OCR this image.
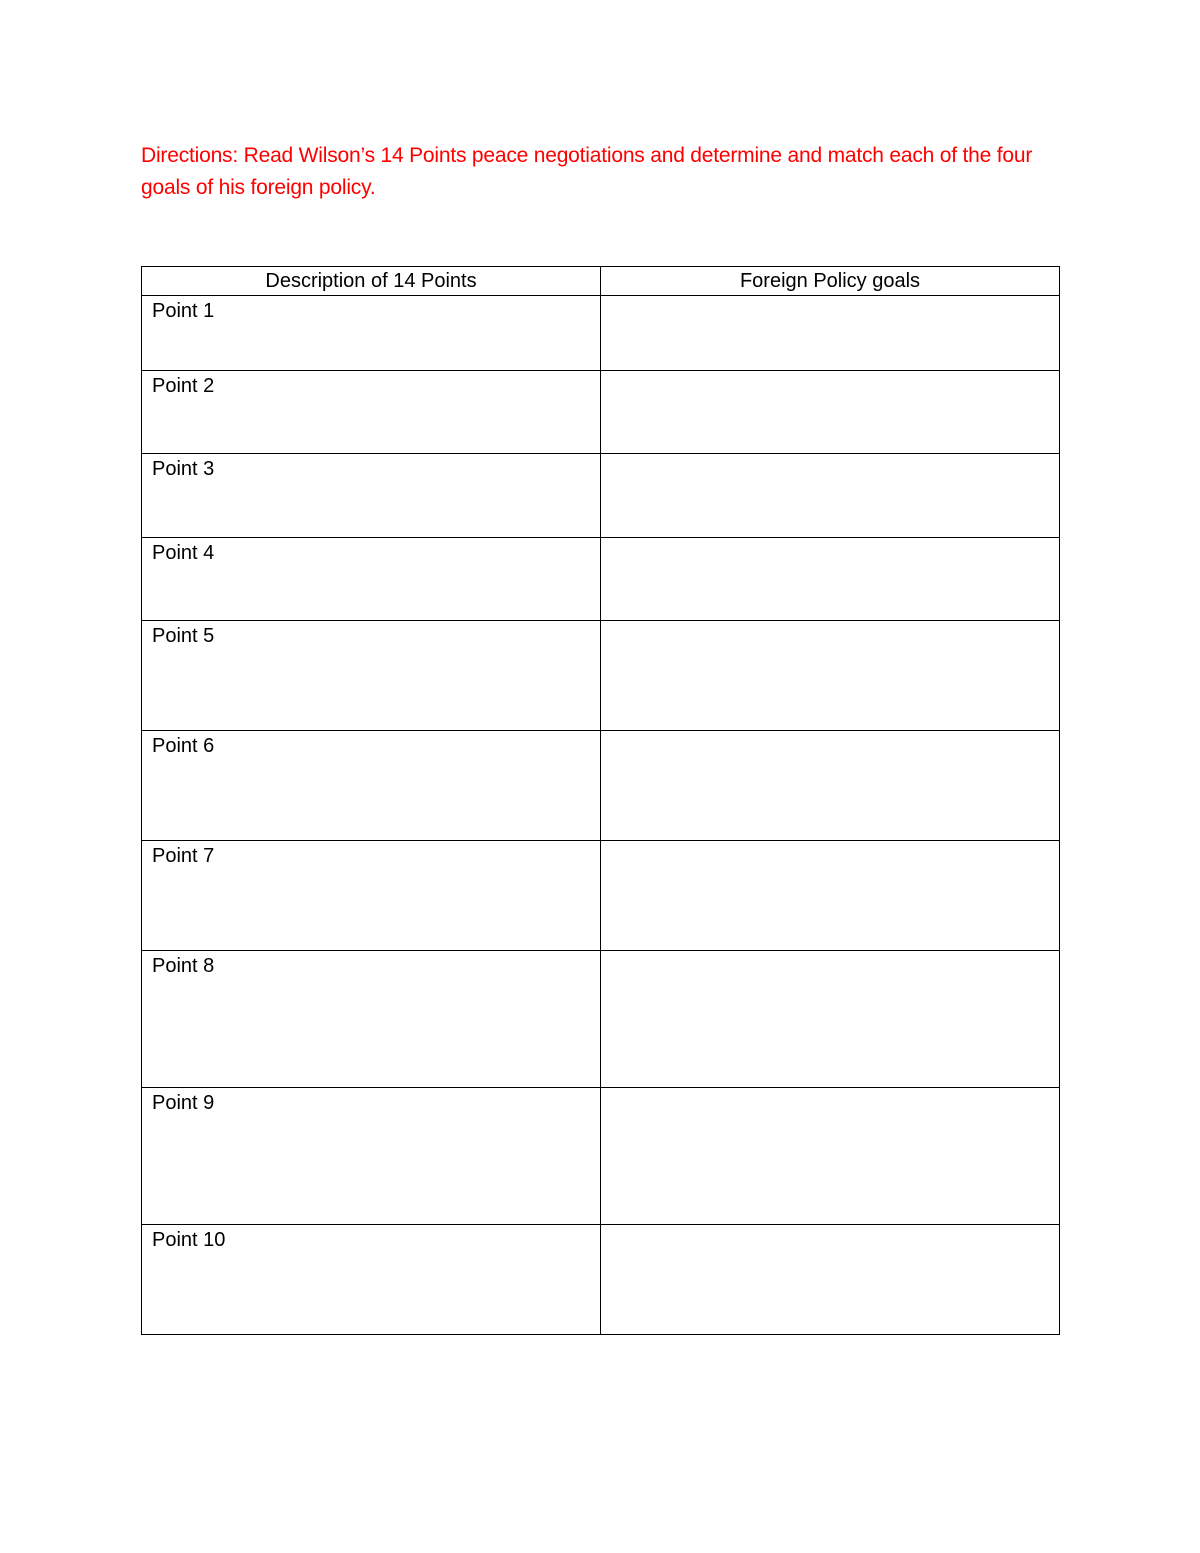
Directions: Read Wilson’s 14 Points peace negotiations and determine and match each of the four goals of his foreign policy.

Description of 14 Points	Foreign Policy goals
Point 1	
Point 2	
Point 3	
Point 4	
Point 5	
Point 6	
Point 7	
Point 8	
Point 9	
Point 10	
